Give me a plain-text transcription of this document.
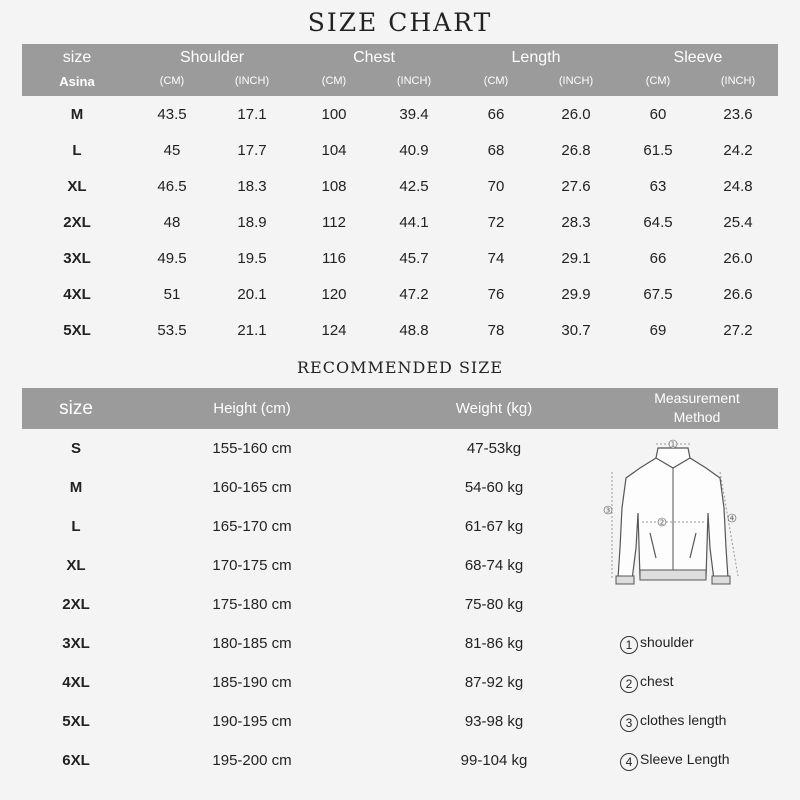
SIZE CHART
size
Asina
Shoulder	Chest	Length	Sleeve
(CM)	(INCH)	(CM)	(INCH)	(CM)	(INCH)	(CM)	(INCH)
M	43.5	17.1	100	39.4	66	26.0	60	23.6
L	45	17.7	104	40.9	68	26.8	61.5	24.2
XL	46.5	18.3	108	42.5	70	27.6	63	24.8
2XL	48	18.9	112	44.1	72	28.3	64.5	25.4
3XL	49.5	19.5	116	45.7	74	29.1	66	26.0
4XL	51	20.1	120	47.2	76	29.9	67.5	26.6
5XL	53.5	21.1	124	48.8	78	30.7	69	27.2
RECOMMENDED SIZE
size	Height (cm)	Weight (kg)
Measurement
Method
S	155-160 cm	47-53kg
M	160-165 cm	54-60 kg
L	165-170 cm	61-67 kg
XL	170-175 cm	68-74 kg
2XL	175-180 cm	75-80 kg
3XL	180-185 cm	81-86 kg
4XL	185-190 cm	87-92 kg
5XL	190-195 cm	93-98 kg
6XL	195-200 cm	99-104 kg
1
2
3
4
1 shoulder
2 chest
3 clothes length
4 Sleeve Length
